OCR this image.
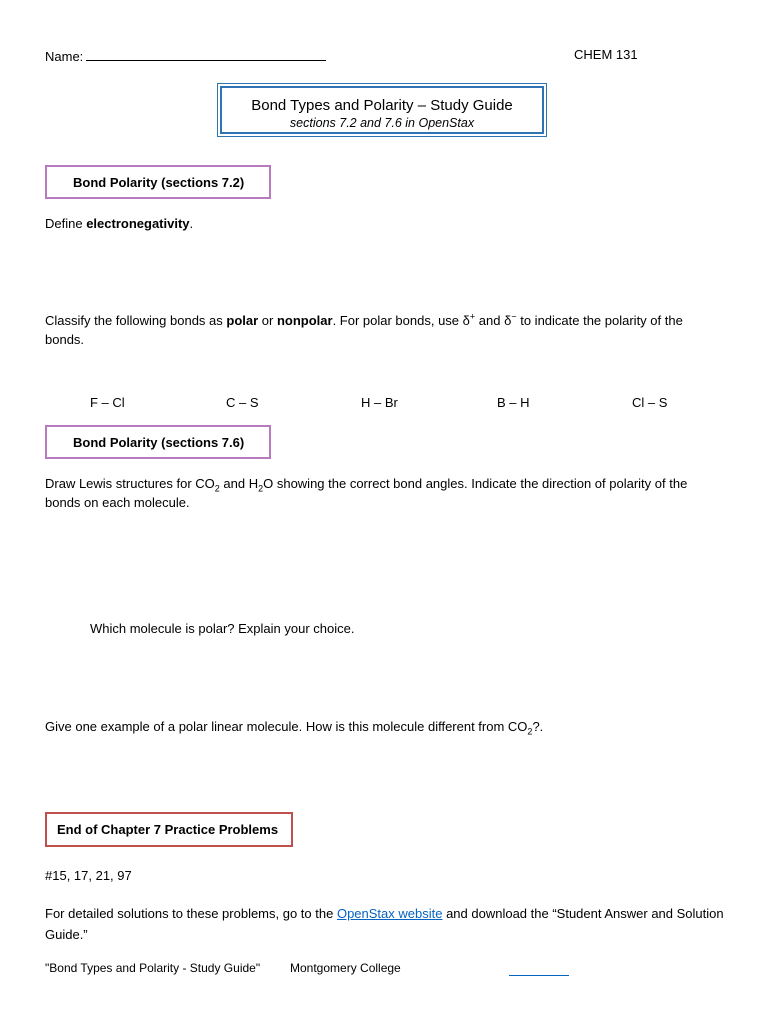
Name:	CHEM 131
Bond Types and Polarity – Study Guide
sections 7.2 and 7.6 in OpenStax
Bond Polarity (sections 7.2)
Define electronegativity.
Classify the following bonds as polar or nonpolar. For polar bonds, use δ+ and δ− to indicate the polarity of the bonds.
F – Cl	C – S	H – Br	B – H	Cl – S
Bond Polarity (sections 7.6)
Draw Lewis structures for $CO_2$ and $H_2O$ showing the correct bond angles. Indicate the direction of polarity of the bonds on each molecule.
Which molecule is polar? Explain your choice.
Give one example of a polar linear molecule. How is this molecule different from $CO_2$?.
End of Chapter 7 Practice Problems
#15, 17, 21, 97
For detailed solutions to these problems, go to the OpenStax website and download the “Student Answer and Solution Guide.”
"Bond Types and Polarity - Study Guide" Montgomery College
